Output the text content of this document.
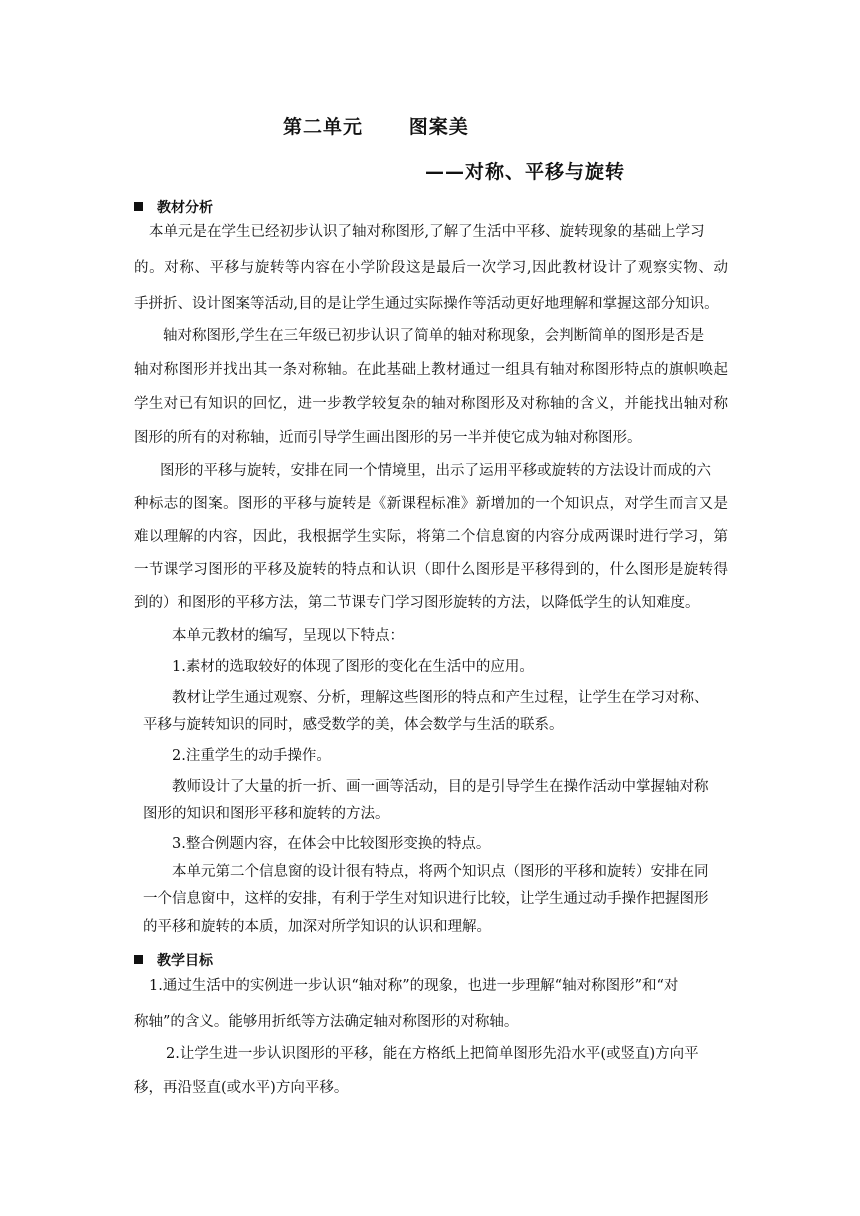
第二单元      图案美
——对称、平移与旋转
教材分析
本单元是在学生已经初步认识了轴对称图形,了解了生活中平移、旋转现象的基础上学习
的。对称、平移与旋转等内容在小学阶段这是最后一次学习,因此教材设计了观察实物、动
手拼折、设计图案等活动,目的是让学生通过实际操作等活动更好地理解和掌握这部分知识。
轴对称图形,学生在三年级已初步认识了简单的轴对称现象，会判断简单的图形是否是
轴对称图形并找出其一条对称轴。在此基础上教材通过一组具有轴对称图形特点的旗帜唤起
学生对已有知识的回忆，进一步教学较复杂的轴对称图形及对称轴的含义，并能找出轴对称
图形的所有的对称轴，近而引导学生画出图形的另一半并使它成为轴对称图形。
图形的平移与旋转，安排在同一个情境里，出示了运用平移或旋转的方法设计而成的六
种标志的图案。图形的平移与旋转是《新课程标准》新增加的一个知识点，对学生而言又是
难以理解的内容，因此，我根据学生实际，将第二个信息窗的内容分成两课时进行学习，第
一节课学习图形的平移及旋转的特点和认识（即什么图形是平移得到的，什么图形是旋转得
到的）和图形的平移方法，第二节课专门学习图形旋转的方法，以降低学生的认知难度。
本单元教材的编写，呈现以下特点：
1.素材的选取较好的体现了图形的变化在生活中的应用。
教材让学生通过观察、分析，理解这些图形的特点和产生过程，让学生在学习对称、
平移与旋转知识的同时，感受数学的美，体会数学与生活的联系。
2.注重学生的动手操作。
教师设计了大量的折一折、画一画等活动，目的是引导学生在操作活动中掌握轴对称
图形的知识和图形平移和旋转的方法。
3.整合例题内容，在体会中比较图形变换的特点。
本单元第二个信息窗的设计很有特点，将两个知识点（图形的平移和旋转）安排在同
一个信息窗中，这样的安排，有利于学生对知识进行比较，让学生通过动手操作把握图形
的平移和旋转的本质，加深对所学知识的认识和理解。
教学目标
1.通过生活中的实例进一步认识“轴对称”的现象，也进一步理解“轴对称图形”和“对
称轴”的含义。能够用折纸等方法确定轴对称图形的对称轴。
2.让学生进一步认识图形的平移，能在方格纸上把简单图形先沿水平(或竖直)方向平
移，再沿竖直(或水平)方向平移。
